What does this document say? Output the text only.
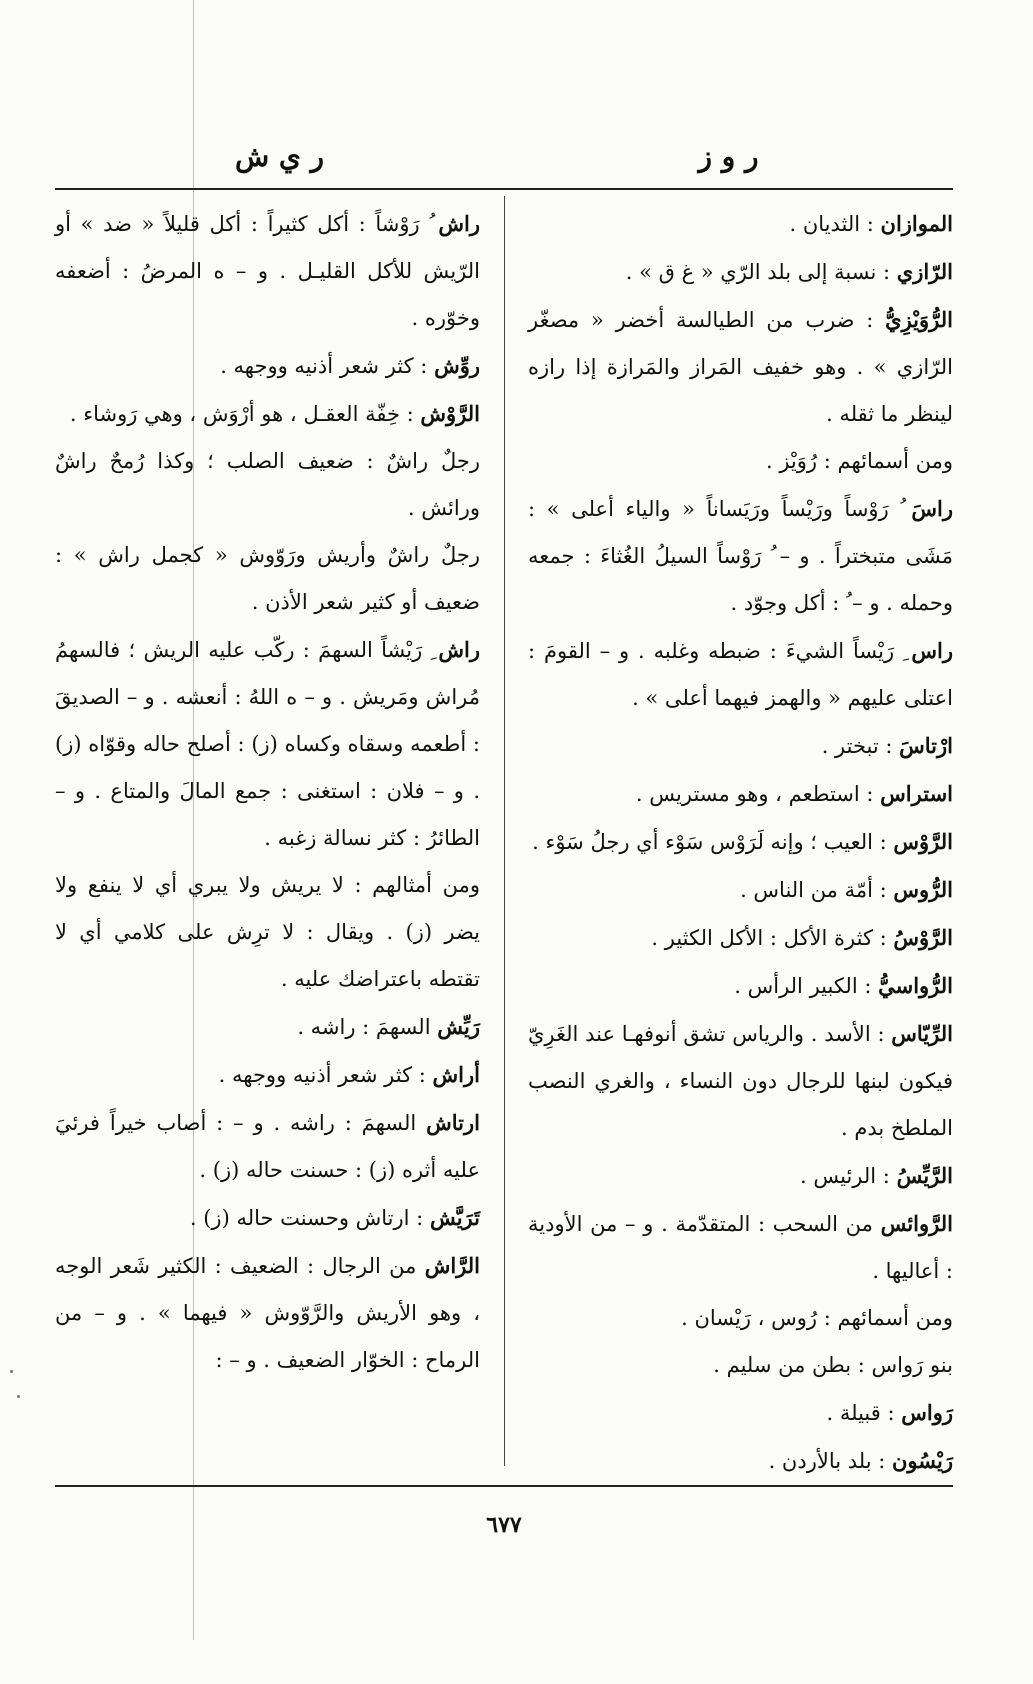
ر و ز
ر ي ش
الموازان : الثديان .
الرّازي : نسبة إلى بلد الرّي « غ ق » .
الرُّوَيْزِيُّ : ضرب من الطيالسة أخضر « مصغّر الرّازي » . وهو خفيف المَراز والمَرازة إذا رازه لينظر ما ثقله .
ومن أسمائهم : رُوَيْز .
راسَ ُ رَوْساً ورَيْساً ورَيَساناً « والياء أعلى » : مَشَى متبختراً . و – ُ رَوْساً السيلُ الغُثاءَ : جمعه وحمله . و – ُ : أكل وجوّد .
راس ِ رَيْساً الشيءَ : ضبطه وغلبه . و – القومَ : اعتلى عليهم « والهمز فيهما أعلى » .
ارْتاسَ : تبختر .
استراس : استطعم ، وهو مستريس .
الرَّوْس : العيب ؛ وإنه لَرَوْس سَوْء أي رجلُ سَوْء .
الرُّوس : أمّة من الناس .
الرَّوْسُ : كثرة الأكل : الأكل الكثير .
الرُّواسيُّ : الكبير الرأس .
الرِّيّاس : الأسد . والرياس تشق أنوفهـا عند الغَرِيّ فيكون لبنها للرجال دون النساء ، والغري النصب الملطخ بدم .
الرَّيِّسُ : الرئيس .
الرَّوائس من السحب : المتقدّمة . و – من الأودية : أعاليها .
ومن أسمائهم : رُوس ، رَيْسان .
بنو رَواس : بطن من سليم .
رَواس : قبيلة .
رَيْسُون : بلد بالأردن .
راش ُ رَوْشاً : أكل كثيراً : أكل قليلاً « ضد » أو الرّيش للأكل القليـل . و – ه المرضُ : أضعفه وخوّره .
روِّش : كثر شعر أذنيه ووجهه .
الرَّوْش : خِفّة العقـل ، هو أرْوَش ، وهي رَوشاء .
رجلٌ راشٌ : ضعيف الصلب ؛ وكذا رُمحٌ راشٌ ورائش .
رجلٌ راشٌ وأريش ورَوّوش « كجمل راش » : ضعيف أو كثير شعر الأذن .
راش ِ رَيْشاً السهمَ : ركّب عليه الريش ؛ فالسهمُ مُراش ومَريش . و – ه اللهُ : أنعشه . و – الصديقَ : أطعمه وسقاه وكساه (ز) : أصلح حاله وقوّاه (ز) . و – فلان : استغنى : جمع المالَ والمتاع . و – الطائرُ : كثر نسالة زغبه .
ومن أمثالهم : لا يريش ولا يبري أي لا ينفع ولا يضر (ز) . ويقال : لا ترِش على كلامي أي لا تقتطه باعتراضك عليه .
رَيِّش السهمَ : راشه .
أراش : كثر شعر أذنيه ووجهه .
ارتاش السهمَ : راشه . و – : أصاب خيراً فرئيَ عليه أثره (ز) : حسنت حاله (ز) .
تَرَيَّش : ارتاش وحسنت حاله (ز) .
الرَّاش من الرجال : الضعيف : الكثير شَعر الوجه ، وهو الأريش والرَّوّوش « فيهما » . و – من الرماح : الخوّار الضعيف . و – :
٦٧٧
